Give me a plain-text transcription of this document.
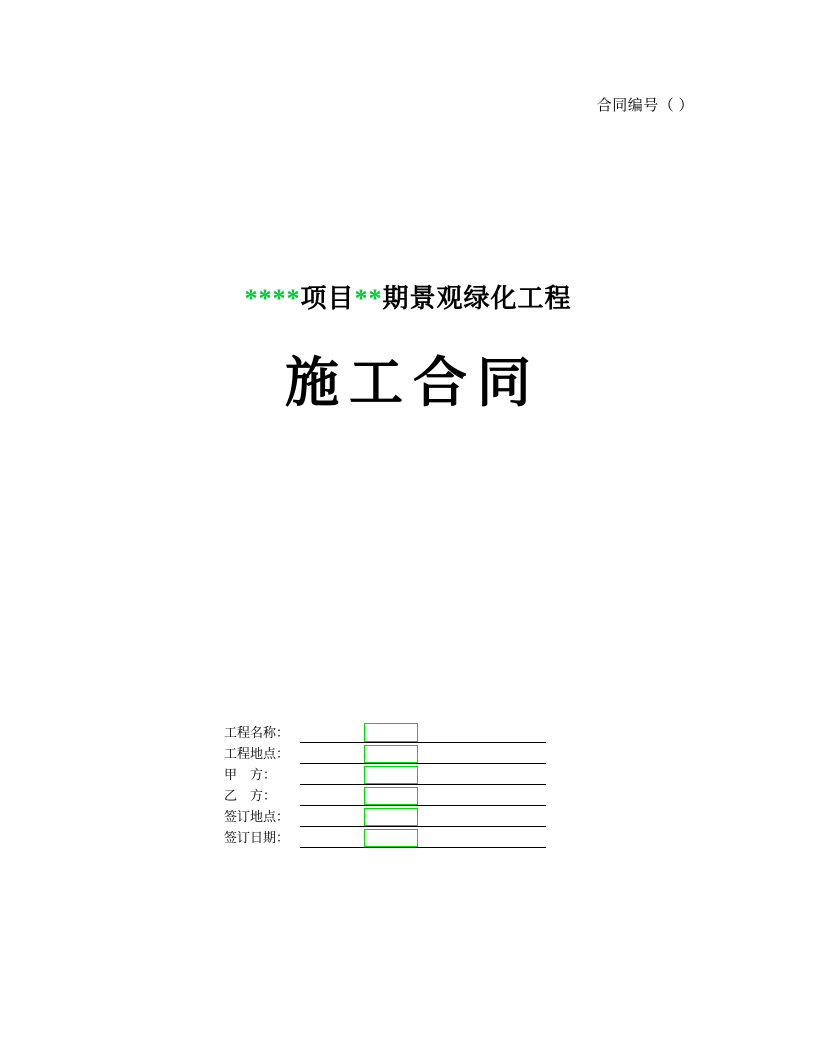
合同编号（ ）
****项目**期景观绿化工程
施工合同
工程名称：
工程地点：
甲    方：
乙    方：
签订地点：
签订日期：
